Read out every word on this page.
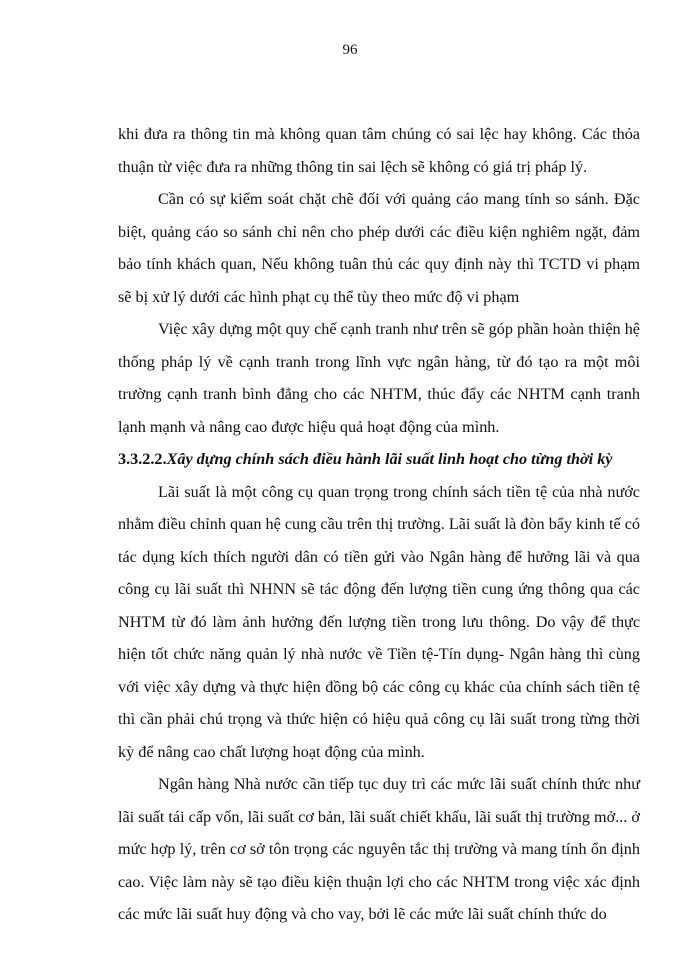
96

khi đưa ra thông tin mà không quan tâm chúng có sai lệc hay không. Các thỏa thuận từ việc đưa ra những thông tin sai lệch sẽ không có giá trị pháp lý.

Cần có sự kiểm soát chặt chẽ đối với quảng cáo mang tính so sánh. Đặc biệt, quảng cáo so sánh chỉ nên cho phép dưới các điều kiện nghiêm ngặt, đảm bảo tính khách quan, Nếu không tuân thủ các quy định này thì TCTD vi phạm sẽ bị xử lý dưới các hình phạt cụ thể tùy theo mức độ vi phạm

Việc xây dựng một quy chế cạnh tranh như trên sẽ góp phần hoàn thiện hệ thống pháp lý về cạnh tranh trong lĩnh vực ngân hàng, từ đó tạo ra một môi trường cạnh tranh bình đẳng cho các NHTM, thúc đẩy các NHTM cạnh tranh lạnh mạnh và nâng cao được hiệu quả hoạt động của mình.

3.3.2.2.Xây dựng chính sách điều hành lãi suất linh hoạt cho từng thời kỳ

Lãi suất là một công cụ quan trọng trong chính sách tiền tệ của nhà nước nhằm điều chỉnh quan hệ cung cầu trên thị trường. Lãi suất là đòn bẩy kinh tế có tác dụng kích thích người dân có tiền gửi vào Ngân hàng để hưởng lãi và qua công cụ lãi suất thì NHNN sẽ tác động đến lượng tiền cung ứng thông qua các NHTM từ đó làm ảnh hưởng đến lượng tiền trong lưu thông. Do vậy để thực hiện tốt chức năng quản lý nhà nước về Tiền tệ-Tín dụng- Ngân hàng thì cùng với việc xây dựng và thực hiện đồng bộ các công cụ khác của chính sách tiền tệ thì cần phải chú trọng và thức hiện có hiệu quả công cụ lãi suất trong từng thời kỳ để nâng cao chất lượng hoạt động của mình.

Ngân hàng Nhà nước cần tiếp tục duy trì các mức lãi suất chính thức như lãi suất tái cấp vốn, lãi suất cơ bản, lãi suất chiết khấu, lãi suất thị trường mở... ở mức hợp lý, trên cơ sở tôn trọng các nguyên tắc thị trường và mang tính ổn định cao. Việc làm này sẽ tạo điều kiện thuận lợi cho các NHTM trong việc xác định các mức lãi suất huy động và cho vay, bởi lẽ các mức lãi suất chính thức do
